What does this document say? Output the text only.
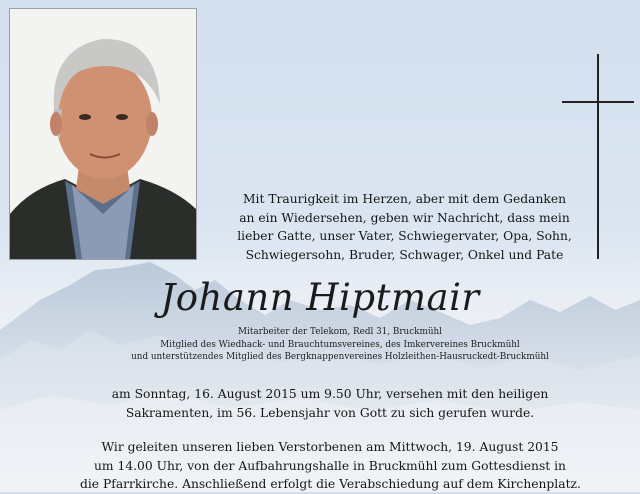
Mit Traurigkeit im Herzen, aber mit dem Gedanken
an ein Wiedersehen, geben wir Nachricht, dass mein
lieber Gatte, unser Vater, Schwiegervater, Opa, Sohn,
Schwiegersohn, Bruder, Schwager, Onkel und Pate
Johann Hiptmair
Mitarbeiter der Telekom, Redl 31, Bruckmühl
Mitglied des Wiedhack- und Brauchtumsvereines, des Imkervereines Bruckmühl
und unterstützendes Mitglied des Bergknappenvereines Holzleithen-Hausruckedt-Bruckmühl
am Sonntag, 16. August 2015 um 9.50 Uhr, versehen mit den heiligen
Sakramenten, im 56. Lebensjahr von Gott zu sich gerufen wurde.
Wir geleiten unseren lieben Verstorbenen am Mittwoch, 19. August 2015
um 14.00 Uhr, von der Aufbahrungshalle in Bruckmühl zum Gottesdienst in
die Pfarrkirche. Anschließend erfolgt die Verabschiedung auf dem Kirchenplatz.
